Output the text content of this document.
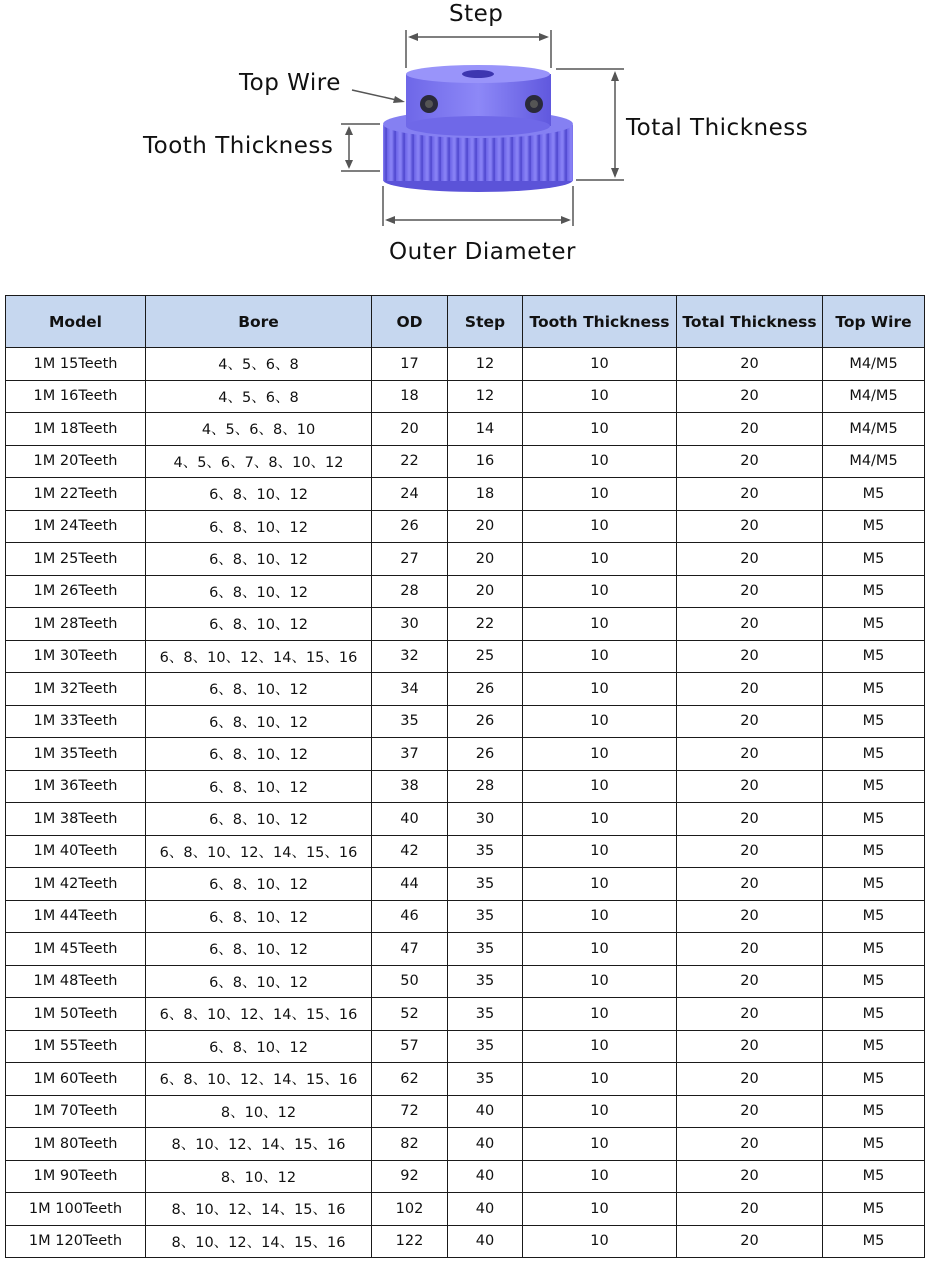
Step
Top Wire
Tooth Thickness
Total Thickness
Outer Diameter
Model	Bore	OD	Step	Tooth Thickness	Total Thickness	Top Wire
1M 15Teeth	4、5、6、8	17	12	10	20	M4/M5
1M 16Teeth	4、5、6、8	18	12	10	20	M4/M5
1M 18Teeth	4、5、6、8、10	20	14	10	20	M4/M5
1M 20Teeth	4、5、6、7、8、10、12	22	16	10	20	M4/M5
1M 22Teeth	6、8、10、12	24	18	10	20	M5
1M 24Teeth	6、8、10、12	26	20	10	20	M5
1M 25Teeth	6、8、10、12	27	20	10	20	M5
1M 26Teeth	6、8、10、12	28	20	10	20	M5
1M 28Teeth	6、8、10、12	30	22	10	20	M5
1M 30Teeth	6、8、10、12、14、15、16	32	25	10	20	M5
1M 32Teeth	6、8、10、12	34	26	10	20	M5
1M 33Teeth	6、8、10、12	35	26	10	20	M5
1M 35Teeth	6、8、10、12	37	26	10	20	M5
1M 36Teeth	6、8、10、12	38	28	10	20	M5
1M 38Teeth	6、8、10、12	40	30	10	20	M5
1M 40Teeth	6、8、10、12、14、15、16	42	35	10	20	M5
1M 42Teeth	6、8、10、12	44	35	10	20	M5
1M 44Teeth	6、8、10、12	46	35	10	20	M5
1M 45Teeth	6、8、10、12	47	35	10	20	M5
1M 48Teeth	6、8、10、12	50	35	10	20	M5
1M 50Teeth	6、8、10、12、14、15、16	52	35	10	20	M5
1M 55Teeth	6、8、10、12	57	35	10	20	M5
1M 60Teeth	6、8、10、12、14、15、16	62	35	10	20	M5
1M 70Teeth	8、10、12	72	40	10	20	M5
1M 80Teeth	8、10、12、14、15、16	82	40	10	20	M5
1M 90Teeth	8、10、12	92	40	10	20	M5
1M 100Teeth	8、10、12、14、15、16	102	40	10	20	M5
1M 120Teeth	8、10、12、14、15、16	122	40	10	20	M5
